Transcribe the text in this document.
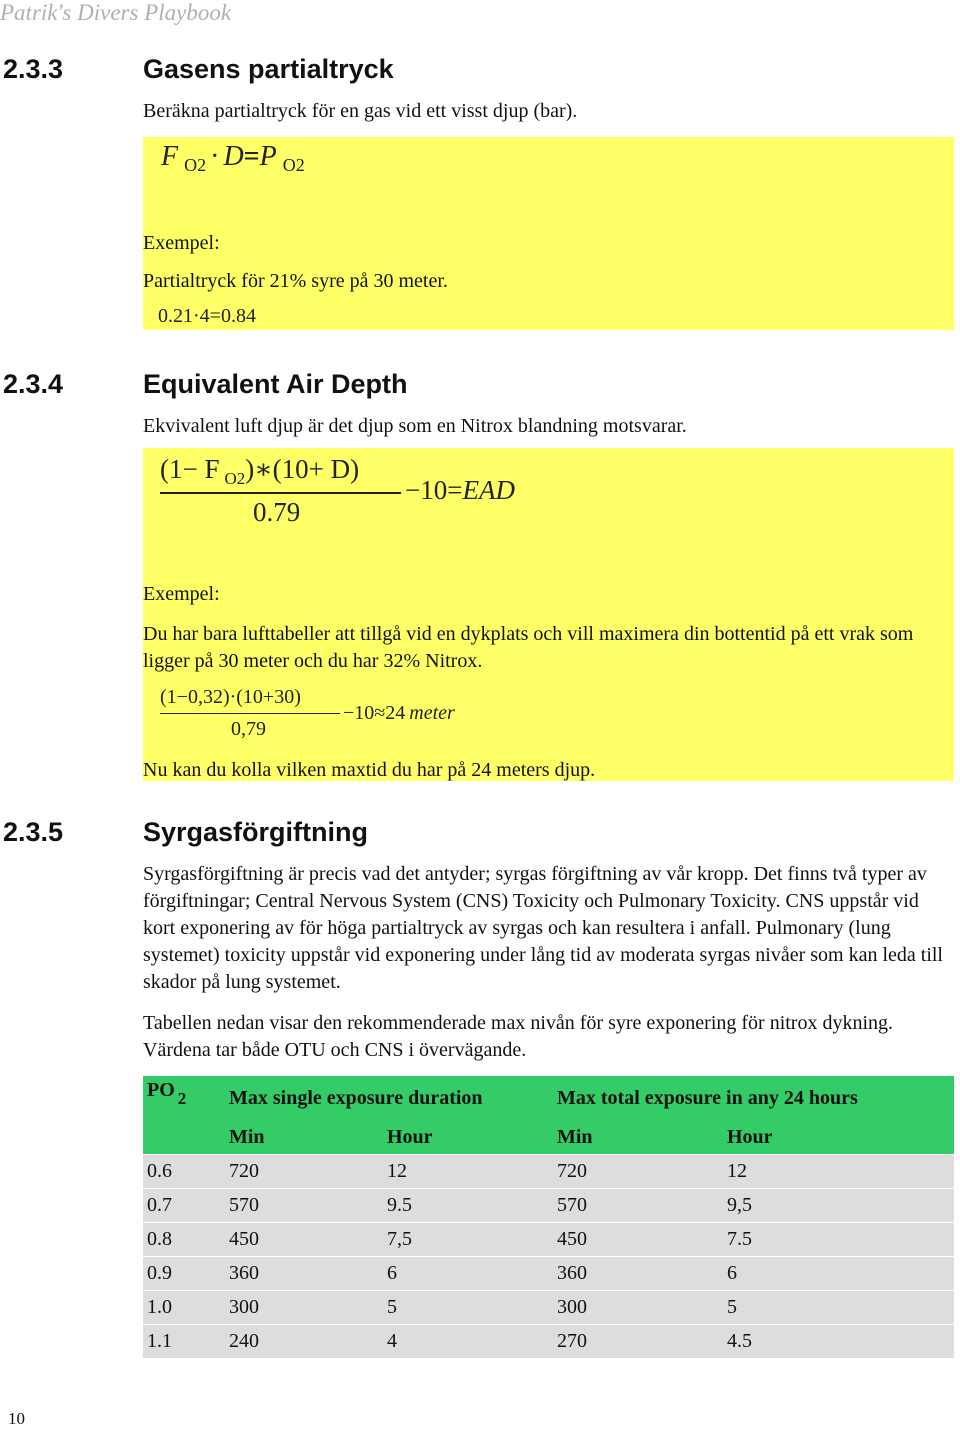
Patrik's Divers Playbook
2.3.3	Gasens partialtryck
Beräkna partialtryck för en gas vid ett visst djup (bar).
F $_{O2}$ · D=P $_{O2}$
Exempel:
Partialtryck för 21% syre på 30 meter.
0.21·4=0.84
2.3.4	Equivalent Air Depth
Ekvivalent luft djup är det djup som en Nitrox blandning motsvarar.
(1− F $_{O2}$)∗(10+ D)
0.79
−10=EAD
Exempel:
Du har bara lufttabeller att tillgå vid en dykplats och vill maximera din bottentid på ett vrak som ligger på 30 meter och du har 32% Nitrox.
(1−0,32)·(10+30)
0,79
−10≈24 meter
Nu kan du kolla vilken maxtid du har på 24 meters djup.
2.3.5	Syrgasförgiftning
Syrgasförgiftning är precis vad det antyder; syrgas förgiftning av vår kropp. Det finns två typer av förgiftningar; Central Nervous System (CNS) Toxicity och Pulmonary Toxicity. CNS uppstår vid kort exponering av för höga partialtryck av syrgas och kan resultera i anfall. Pulmonary (lung systemet) toxicity uppstår vid exponering under lång tid av moderata syrgas nivåer som kan leda till skador på lung systemet.
Tabellen nedan visar den rekommenderade max nivån för syre exponering för nitrox dykning. Värdena tar både OTU och CNS i övervägande.
PO $_2$	Max single exposure duration		Max total exposure in any 24 hours	
	Min	Hour	Min	Hour
0.6	720	12	720	12
0.7	570	9.5	570	9,5
0.8	450	7,5	450	7.5
0.9	360	6	360	6
1.0	300	5	300	5
1.1	240	4	270	4.5
10
